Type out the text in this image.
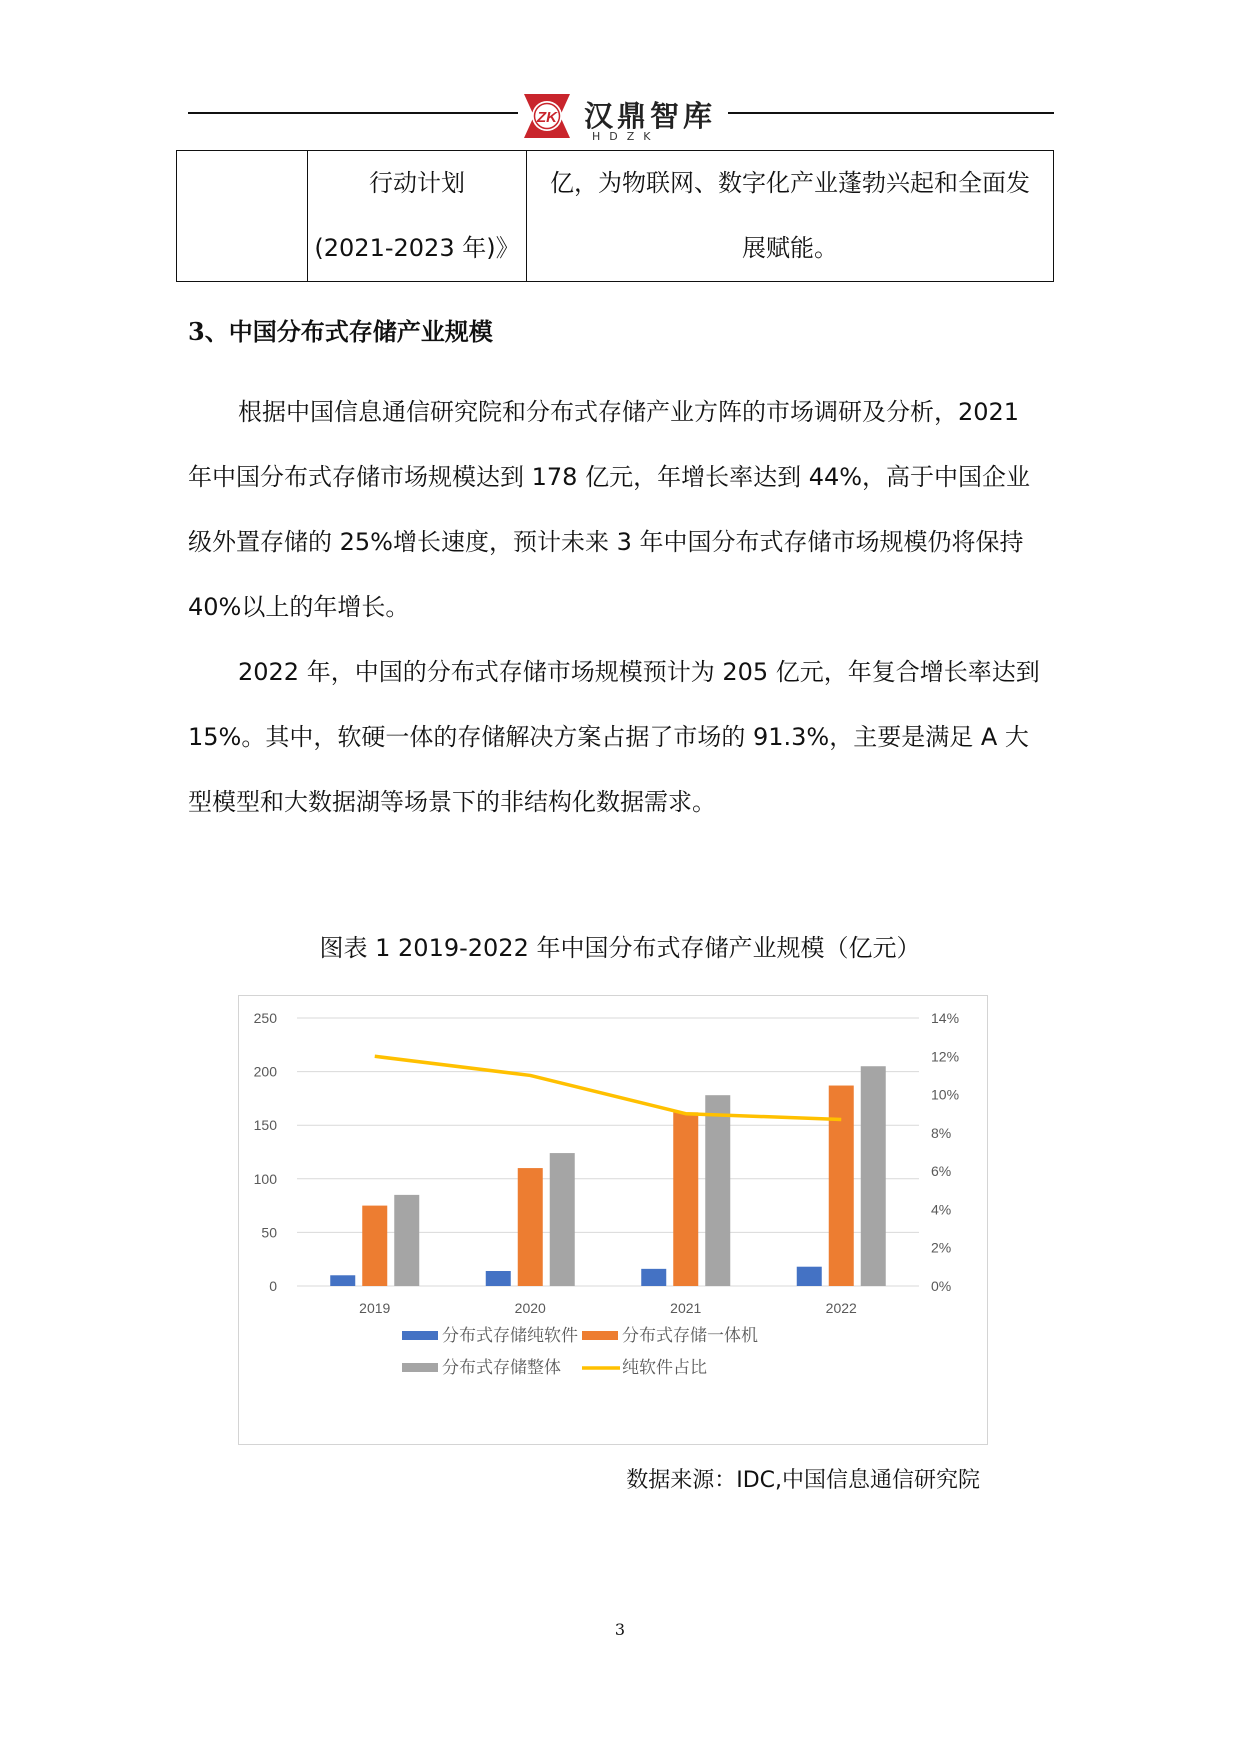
ZK 汉鼎智库
HDZK

行动计划
(2021-2023 年)》

亿，为物联网、数字化产业蓬勃兴起和全面发
展赋能。
3、中国分布式存储产业规模
根据中国信息通信研究院和分布式存储产业方阵的市场调研及分析，2021
年中国分布式存储市场规模达到 178 亿元，年增长率达到 44%，高于中国企业
级外置存储的 25%增长速度，预计未来 3 年中国分布式存储市场规模仍将保持
40%以上的年增长。
2022 年，中国的分布式存储市场规模预计为 205 亿元，年复合增长率达到
15%。其中，软硬一体的存储解决方案占据了市场的 91.3%，主要是满足 A 大
型模型和大数据湖等场景下的非结构化数据需求。
图表 1 2019-2022 年中国分布式存储产业规模（亿元）
0
50
100
150
200
250
0%
2%
4%
6%
8%
10%
12%
14%
2019	2020	2021	2022
分布式存储纯软件	分布式存储一体机
分布式存储整体	纯软件占比
数据来源：IDC,中国信息通信研究院
3
